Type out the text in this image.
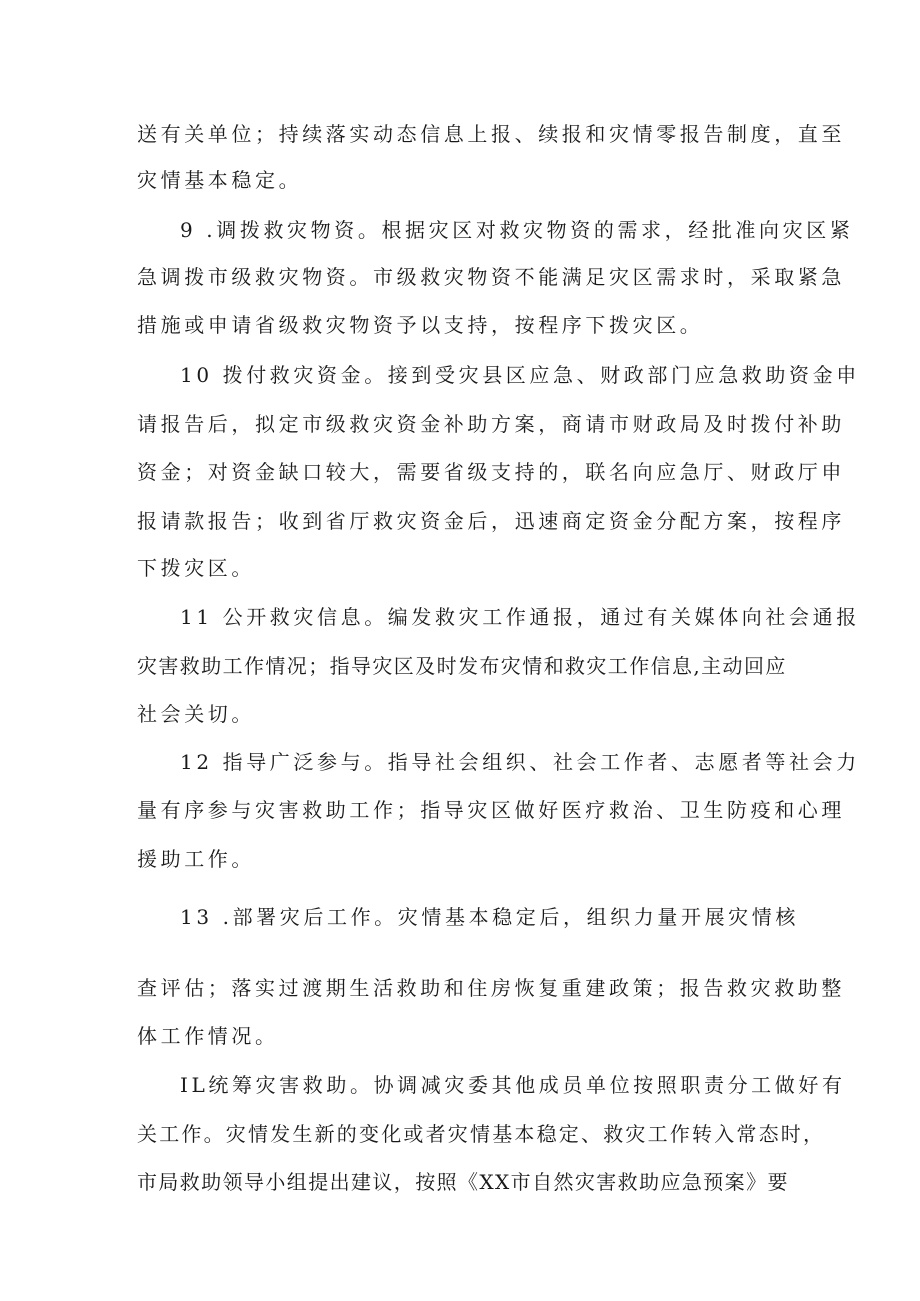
送有关单位；持续落实动态信息上报、续报和灾情零报告制度，直至
灾情基本稳定。
9 .调拨救灾物资。根据灾区对救灾物资的需求，经批准向灾区紧
急调拨市级救灾物资。市级救灾物资不能满足灾区需求时，采取紧急
措施或申请省级救灾物资予以支持，按程序下拨灾区。
10 拨付救灾资金。接到受灾县区应急、财政部门应急救助资金申
请报告后，拟定市级救灾资金补助方案，商请市财政局及时拨付补助
资金；对资金缺口较大，需要省级支持的，联名向应急厅、财政厅申
报请款报告；收到省厅救灾资金后，迅速商定资金分配方案，按程序
下拨灾区。
11 公开救灾信息。编发救灾工作通报，通过有关媒体向社会通报
灾害救助工作情况；指导灾区及时发布灾情和救灾工作信息,主动回应
社会关切。
12 指导广泛参与。指导社会组织、社会工作者、志愿者等社会力
量有序参与灾害救助工作；指导灾区做好医疗救治、卫生防疫和心理
援助工作。
13 .部署灾后工作。灾情基本稳定后，组织力量开展灾情核
查评估；落实过渡期生活救助和住房恢复重建政策；报告救灾救助整
体工作情况。
IL统筹灾害救助。协调减灾委其他成员单位按照职责分工做好有
关工作。灾情发生新的变化或者灾情基本稳定、救灾工作转入常态时，
市局救助领导小组提出建议，按照《XX市自然灾害救助应急预案》要
